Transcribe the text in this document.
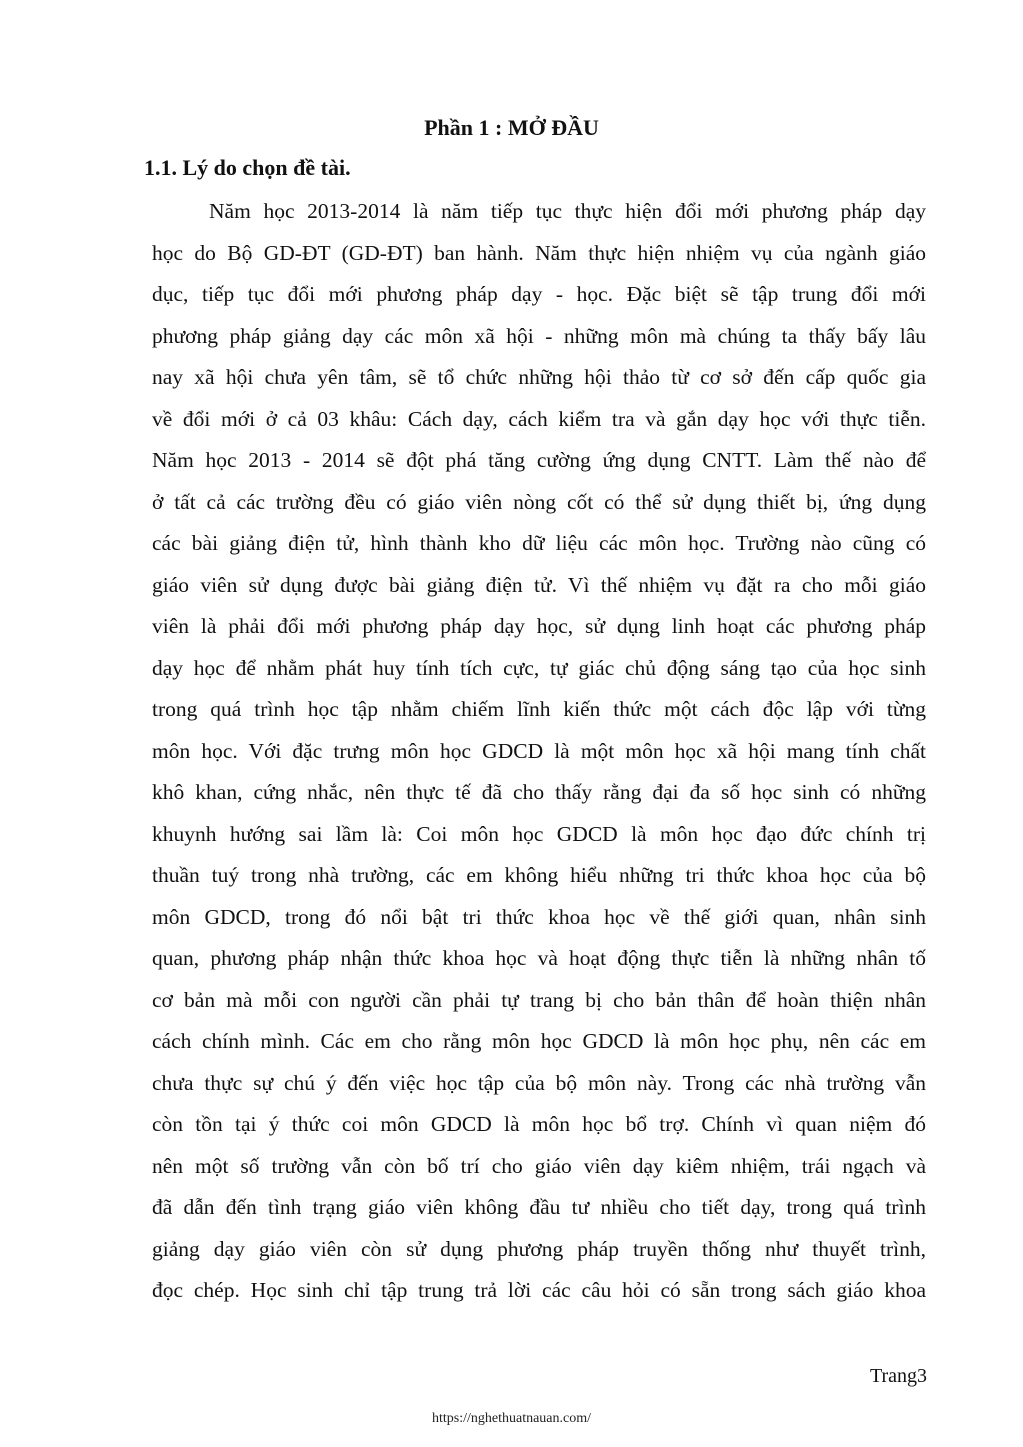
Phần 1 : MỞ ĐẦU
1.1. Lý do chọn đề tài.
Năm học 2013-2014 là năm tiếp tục thực hiện đổi mới phương pháp dạy
học do Bộ GD-ĐT (GD-ĐT) ban hành. Năm thực hiện nhiệm vụ của ngành giáo
dục, tiếp tục đổi mới phương pháp dạy - học. Đặc biệt sẽ tập trung đổi mới
phương pháp giảng dạy các môn xã hội - những môn mà chúng ta thấy bấy lâu
nay xã hội chưa yên tâm, sẽ tổ chức những hội thảo từ cơ sở đến cấp quốc gia
về đổi mới ở cả 03 khâu: Cách dạy, cách kiểm tra và gắn dạy học với thực tiễn.
Năm học 2013 - 2014 sẽ đột phá tăng cường ứng dụng CNTT. Làm thế nào để
ở tất cả các trường đều có giáo viên nòng cốt có thể sử dụng thiết bị, ứng dụng
các bài giảng điện tử, hình thành kho dữ liệu các môn học. Trường nào cũng có
giáo viên sử dụng được bài giảng điện tử. Vì thế nhiệm vụ đặt ra cho mỗi giáo
viên là phải đổi mới phương pháp dạy học, sử dụng linh hoạt các phương pháp
dạy học để nhằm phát huy tính tích cực, tự giác chủ động sáng tạo của học sinh
trong quá trình học tập nhằm chiếm lĩnh kiến thức một cách độc lập với từng
môn học. Với đặc trưng môn học GDCD là một môn học xã hội mang tính chất
khô khan, cứng nhắc, nên thực tế đã cho thấy rằng đại đa số học sinh có những
khuynh hướng sai lầm là: Coi môn học GDCD là môn học đạo đức chính trị
thuần tuý trong nhà trường, các em không hiểu những tri thức khoa học của bộ
môn GDCD, trong đó nổi bật tri thức khoa học về thế giới quan, nhân sinh
quan, phương pháp nhận thức khoa học và hoạt động thực tiễn là những nhân tố
cơ bản mà mỗi con người cần phải tự trang bị cho bản thân để hoàn thiện nhân
cách chính mình. Các em cho rằng môn học GDCD là môn học phụ, nên các em
chưa thực sự chú ý đến việc học tập của bộ môn này. Trong các nhà trường vẫn
còn tồn tại ý thức coi môn GDCD là môn học bổ trợ. Chính vì quan niệm đó
nên một số trường vẫn còn bố trí cho giáo viên dạy kiêm nhiệm, trái ngạch và
đã dẫn đến tình trạng giáo viên không đầu tư nhiều cho tiết dạy, trong quá trình
giảng dạy giáo viên còn sử dụng phương pháp truyền thống như thuyết trình,
đọc chép. Học sinh chỉ tập trung trả lời các câu hỏi có sẵn trong sách giáo khoa
Trang3
https://nghethuatnauan.com/
